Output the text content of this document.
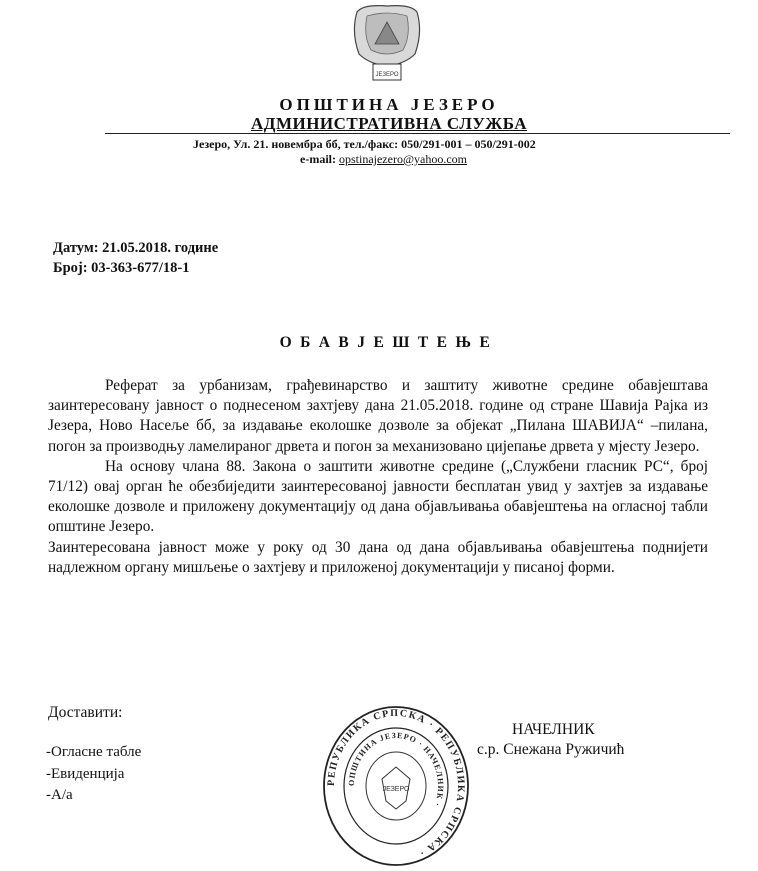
ЈЕЗЕРО
ОПШТИНА ЈЕЗЕРО
АДМИНИСТРАТИВНА СЛУЖБА
Језеро, Ул. 21. новембра бб, тел./факс: 050/291-001 – 050/291-002
e-mail: opstinajezero@yahoo.com
Датум: 21.05.2018. године
Број: 03-363-677/18-1
ОБАВЈЕШТЕЊЕ

Реферат за урбанизам, грађевинарство и заштиту животне средине обавјештава заинтересовану јавност о поднесеном захтјеву дана 21.05.2018. године од стране Шавија Рајка из Језера, Ново Насеље бб, за издавање еколошке дозволе за објекат „Пилана ШАВИЈА“ –пилана, погон за производњу ламелираног дрвета и погон за механизовано цијепање дрвета у мјесту Језеро.

На основу члана 88. Закона о заштити животне средине („Службени гласник РС“, број 71/12) овај орган ће обезбиједити заинтересованој јавности бесплатан увид у захтјев за издавање еколошке дозволе и приложену документацију од дана објављивања обавјештења на огласној табли општине Језеро.

Заинтересована јавност може у року од 30 дана од дана објављивања обавјештења поднијети надлежном органу мишљење о захтјеву и приложеној документацији у писаној форми.

Доставити:
-Огласне табле
-Евиденција
-А/а
РЕПУБЛИКА СРПСКА · РЕПУБЛИКА СРПСКА ·
ОПШТИНА ЈЕЗЕРО · НАЧЕЛНИК ·
ЈЕЗЕРО
НАЧЕЛНИК
с.р. Снежана Ружичић
